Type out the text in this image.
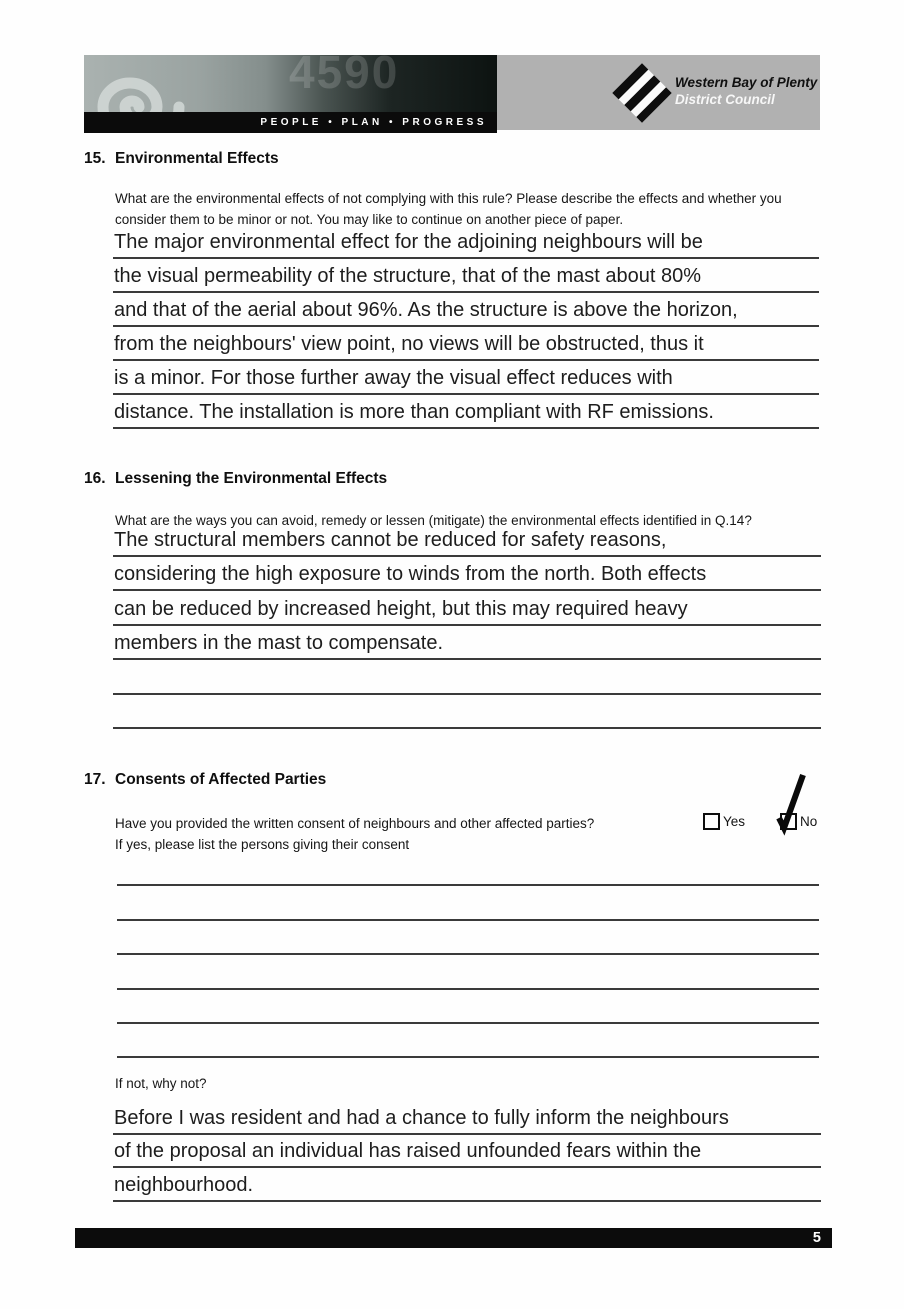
4590
PEOPLE • PLAN • PROGRESS
Western Bay of Plenty
District Council
15. Environmental Effects
What are the environmental effects of not complying with this rule? Please describe the effects and whether you consider them to be minor or not. You may like to continue on another piece of paper.
The major environmental effect for the adjoining neighbours will be
the visual permeability of the structure, that of the mast about 80%
and that of the aerial about 96%. As the structure is above the horizon,
from the neighbours' view point, no views will be obstructed, thus it
is a minor. For those further away the visual effect reduces with
distance. The installation is more than compliant with RF emissions.
16. Lessening the Environmental Effects
What are the ways you can avoid, remedy or lessen (mitigate) the environmental effects identified in Q.14?
The structural members cannot be reduced for safety reasons,
considering the high exposure to winds from the north. Both effects
can be reduced by increased height, but this may required heavy
members in the mast to compensate.
17. Consents of Affected Parties
Have you provided the written consent of neighbours and other affected parties?
If yes, please list the persons giving their consent
Yes	No
If not, why not?
Before I was resident and had a chance to fully inform the neighbours
of the proposal an individual has raised unfounded fears within the
neighbourhood.
5
